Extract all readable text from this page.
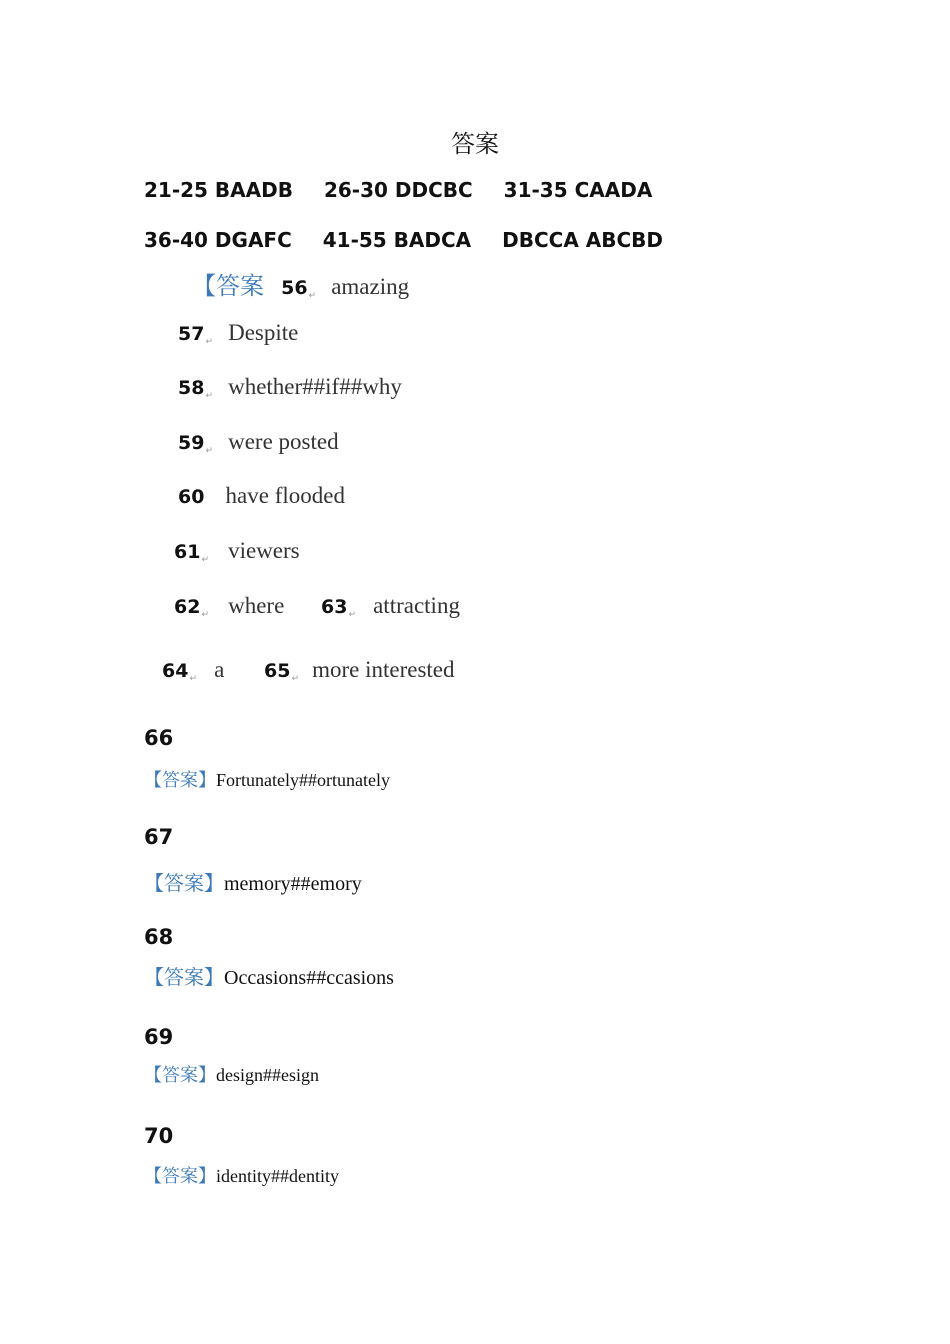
答案
21-25 BAADB 26-30 DDCBC 31-35 CAADA
36-40 DGAFC 41-55 BADCA DBCCA ABCBD
【答案 $56_↵$ amazing
$57_↵$ Despite
$58_↵$ whether##if##why
$59_↵$ were posted
60 have flooded
$61_↵$ viewers
$62_↵$ where $63_↵$ attracting
$64_↵$ a $65_↵$ more interested
66
【答案】Fortunately##ortunately
67
【答案】memory##emory
68
【答案】Occasions##ccasions
69
【答案】design##esign
70
【答案】identity##dentity
